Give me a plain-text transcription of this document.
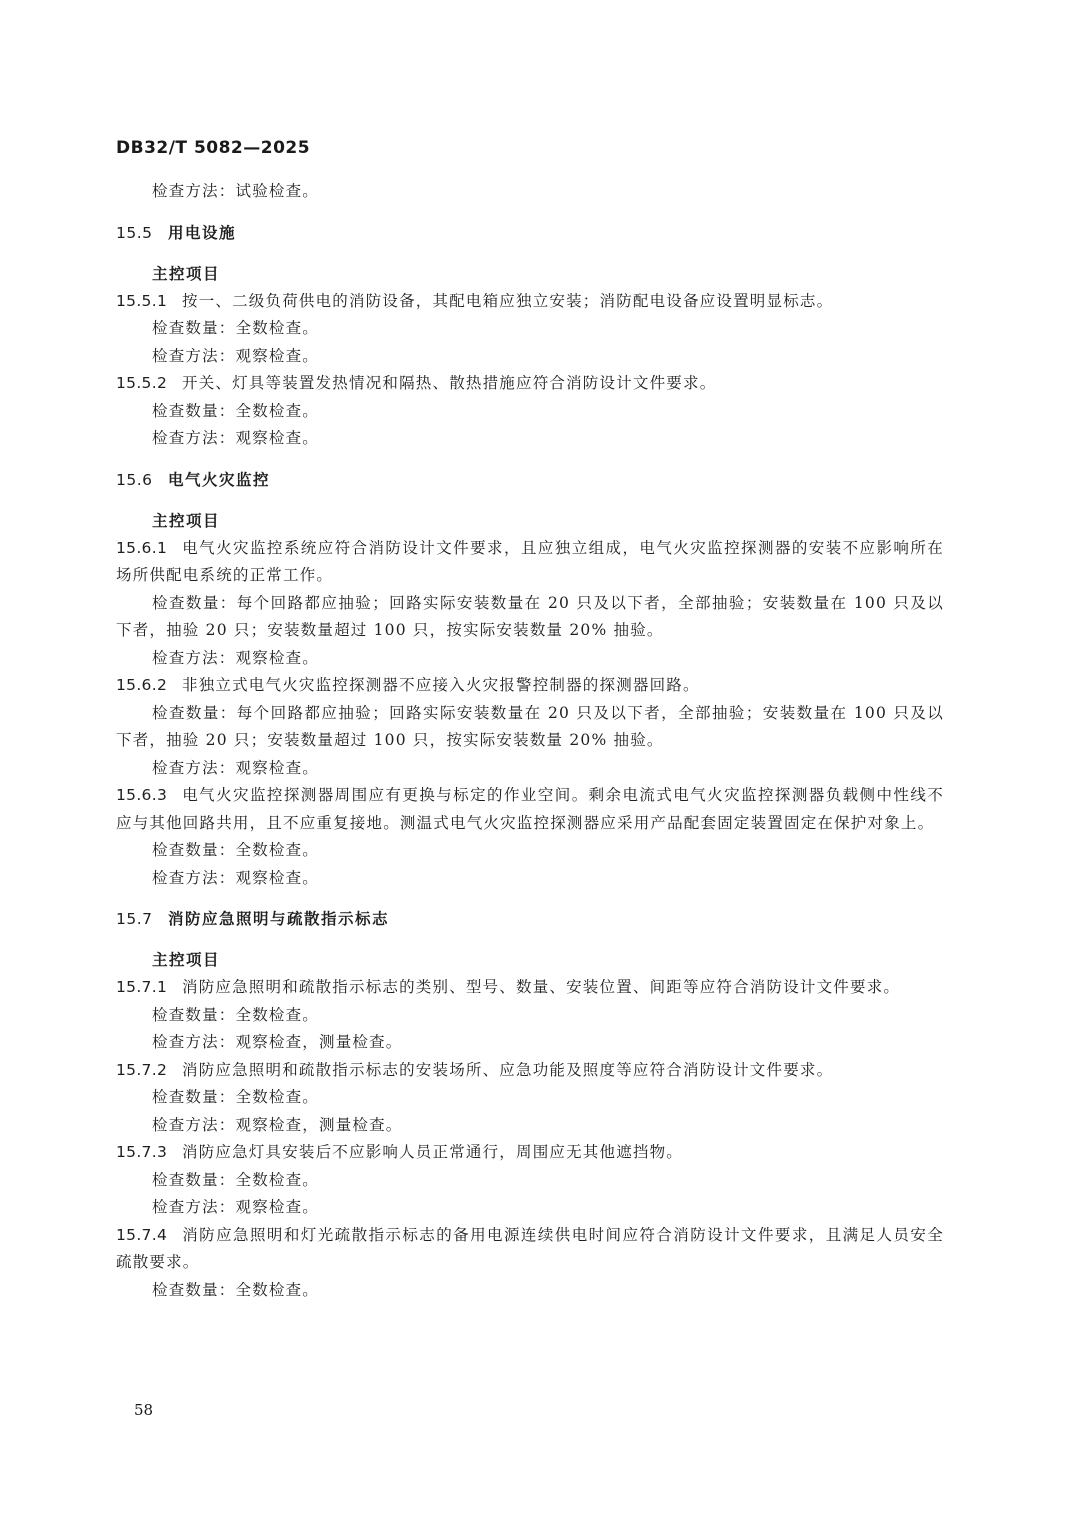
DB32/T 5082—2025
检查方法：试验检查。
15.5 用电设施
主控项目
15.5.1 按一、二级负荷供电的消防设备，其配电箱应独立安装；消防配电设备应设置明显标志。
检查数量：全数检查。
检查方法：观察检查。
15.5.2 开关、灯具等装置发热情况和隔热、散热措施应符合消防设计文件要求。
检查数量：全数检查。
检查方法：观察检查。
15.6 电气火灾监控
主控项目
15.6.1 电气火灾监控系统应符合消防设计文件要求，且应独立组成，电气火灾监控探测器的安装不应影响所在场所供配电系统的正常工作。
检查数量：每个回路都应抽验；回路实际安装数量在 20 只及以下者，全部抽验；安装数量在 100 只及以下者，抽验 20 只；安装数量超过 100 只，按实际安装数量 20% 抽验。
检查方法：观察检查。
15.6.2 非独立式电气火灾监控探测器不应接入火灾报警控制器的探测器回路。
检查数量：每个回路都应抽验；回路实际安装数量在 20 只及以下者，全部抽验；安装数量在 100 只及以下者，抽验 20 只；安装数量超过 100 只，按实际安装数量 20% 抽验。
检查方法：观察检查。
15.6.3 电气火灾监控探测器周围应有更换与标定的作业空间。剩余电流式电气火灾监控探测器负载侧中性线不应与其他回路共用，且不应重复接地。测温式电气火灾监控探测器应采用产品配套固定装置固定在保护对象上。
检查数量：全数检查。
检查方法：观察检查。
15.7 消防应急照明与疏散指示标志
主控项目
15.7.1 消防应急照明和疏散指示标志的类别、型号、数量、安装位置、间距等应符合消防设计文件要求。
检查数量：全数检查。
检查方法：观察检查，测量检查。
15.7.2 消防应急照明和疏散指示标志的安装场所、应急功能及照度等应符合消防设计文件要求。
检查数量：全数检查。
检查方法：观察检查，测量检查。
15.7.3 消防应急灯具安装后不应影响人员正常通行，周围应无其他遮挡物。
检查数量：全数检查。
检查方法：观察检查。
15.7.4 消防应急照明和灯光疏散指示标志的备用电源连续供电时间应符合消防设计文件要求，且满足人员安全疏散要求。
检查数量：全数检查。
58
